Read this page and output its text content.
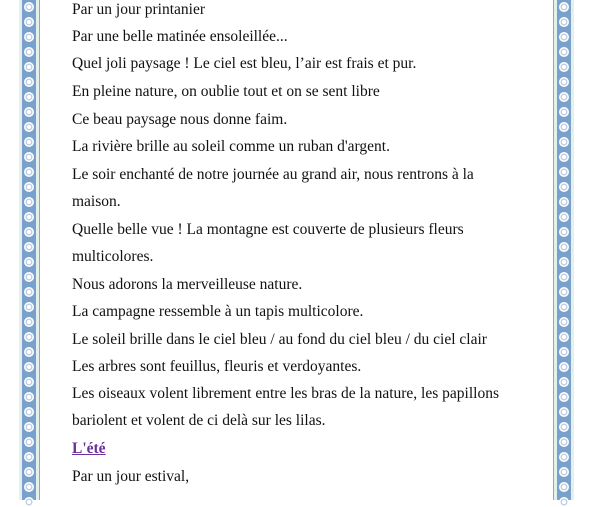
Par un jour printanier
Par une belle matinée ensoleillée...
Quel joli paysage ! Le ciel est bleu, l’air est frais et pur.
En pleine nature, on oublie tout et on se sent libre
Ce beau paysage nous donne faim.
La rivière brille au soleil comme un ruban d'argent.
Le soir enchanté de notre journée au grand air, nous rentrons à la
maison.
Quelle belle vue ! La montagne est couverte de plusieurs fleurs
multicolores.
Nous adorons la merveilleuse nature.
La campagne ressemble à un tapis multicolore.
Le soleil brille dans le ciel bleu / au fond du ciel bleu / du ciel clair
Les arbres sont feuillus, fleuris et verdoyantes.
Les oiseaux volent librement entre les bras de la nature, les papillons
bariolent et volent de ci delà sur les lilas.
L'été
Par un jour estival,
